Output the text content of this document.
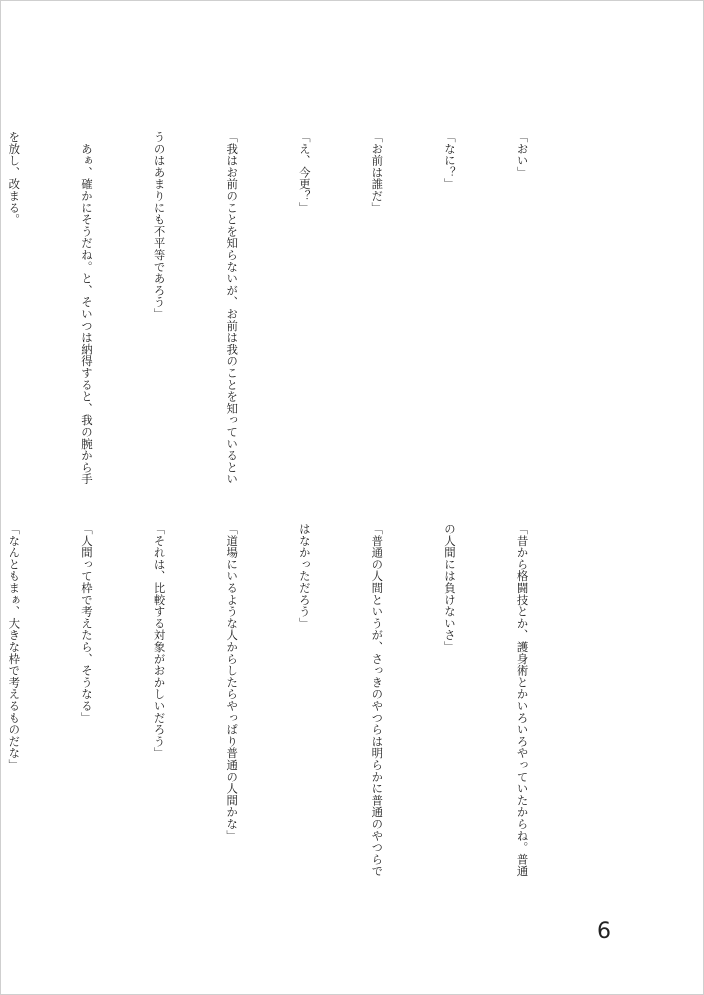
「おい」

「なに？」

「お前は誰だ」

「え、今更？」

「我はお前のことを知らないが、お前は我のことを知っているとい

うのはあまりにも不平等であろう」

　あぁ、確かにそうだね。と、そいつは納得すると、我の腕から手

を放し、改まる。

「昔から格闘技とか、護身術とかいろいろやっていたからね。普通

の人間には負けないさ」

「普通の人間というが、さっきのやつらは明らかに普通のやつらで

はなかっただろう」

「道場にいるような人からしたらやっぱり普通の人間かな」

「それは、比較する対象がおかしいだろう」

「人間って枠で考えたら、そうなる」

「なんともまぁ、大きな枠で考えるものだな」

6
